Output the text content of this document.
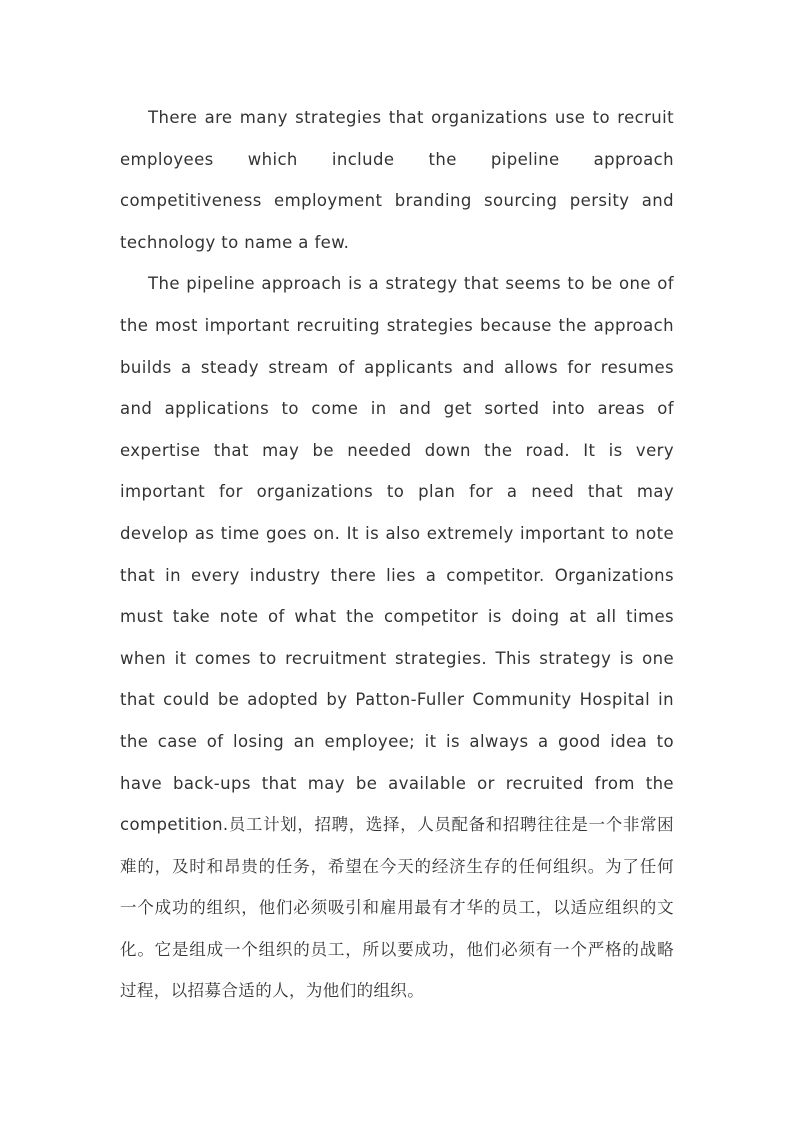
There are many strategies that organizations use to recruit employees which include the pipeline approach competitiveness employment branding sourcing persity and technology to name a few.

The pipeline approach is a strategy that seems to be one of the most important recruiting strategies because the approach builds a steady stream of applicants and allows for resumes and applications to come in and get sorted into areas of expertise that may be needed down the road. It is very important for organizations to plan for a need that may develop as time goes on. It is also extremely important to note that in every industry there lies a competitor. Organizations must take note of what the competitor is doing at all times when it comes to recruitment strategies. This strategy is one that could be adopted by Patton-Fuller Community Hospital in the case of losing an employee; it is always a good idea to have back-ups that may be available or recruited from the competition.员工计划，招聘，选择，人员配备和招聘往往是一个非常困难的，及时和昂贵的任务，希望在今天的经济生存的任何组织。为了任何一个成功的组织，他们必须吸引和雇用最有才华的员工，以适应组织的文化。它是组成一个组织的员工，所以要成功，他们必须有一个严格的战略过程，以招募合适的人，为他们的组织。
